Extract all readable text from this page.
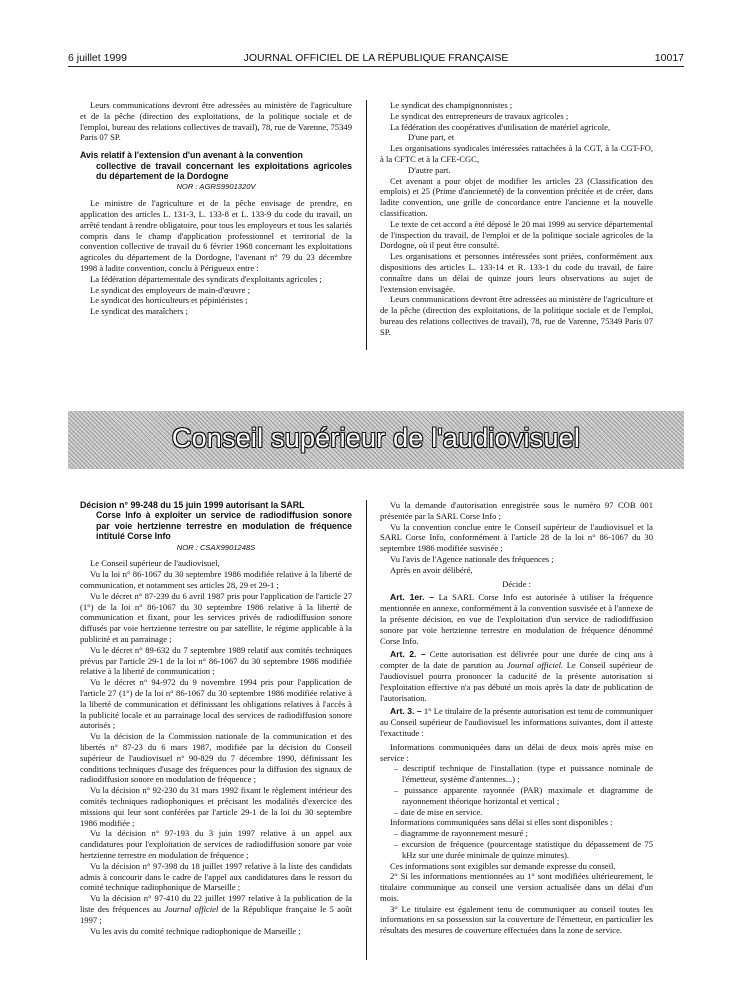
6 juillet 1999	JOURNAL OFFICIEL DE LA RÉPUBLIQUE FRANÇAISE	10017

Leurs communications devront être adressées au ministère de l'agriculture et de la pêche (direction des exploitations, de la politique sociale et de l'emploi, bureau des relations collectives de travail), 78, rue de Varenne, 75349 Paris 07 SP.

Avis relatif à l'extension d'un avenant à la convention
collective de travail concernant les exploitations agricoles du département de la Dordogne
NOR : AGRS9901320V

Le ministre de l'agriculture et de la pêche envisage de prendre, en application des articles L. 131-3, L. 133-8 et L. 133-9 du code du travail, un arrêté tendant à rendre obligatoire, pour tous les employeurs et tous les salariés compris dans le champ d'application professionnel et territorial de la convention collective de travail du 6 février 1968 concernant les exploitations agricoles du département de la Dordogne, l'avenant n° 79 du 23 décembre 1998 à ladite convention, conclu à Périgueux entre :

La fédération départementale des syndicats d'exploitants agricoles ;

Le syndicat des employeurs de main-d'œuvre ;

Le syndicat des horticulteurs et pépiniéristes ;

Le syndicat des maraîchers ;

Le syndicat des champignonnistes ;

Le syndicat des entrepreneurs de travaux agricoles ;

La fédération des coopératives d'utilisation de matériel agricole,

D'une part, et

Les organisations syndicales intéressées rattachées à la CGT, à la CGT-FO, à la CFTC et à la CFE-CGC,

D'autre part.

Cet avenant a pour objet de modifier les articles 23 (Classification des emplois) et 25 (Prime d'ancienneté) de la convention précitée et de créer, dans ladite convention, une grille de concordance entre l'ancienne et la nouvelle classification.

Le texte de cet accord a été déposé le 20 mai 1999 au service départemental de l'inspection du travail, de l'emploi et de la politique sociale agricoles de la Dordogne, où il peut être consulté.

Les organisations et personnes intéressées sont priées, conformément aux dispositions des articles L. 133-14 et R. 133-1 du code du travail, de faire connaître dans un délai de quinze jours leurs observations au sujet de l'extension envisagée.

Leurs communications devront être adressées au ministère de l'agriculture et de la pêche (direction des exploitations, de la politique sociale et de l'emploi, bureau des relations collectives de travail), 78, rue de Varenne, 75349 Paris 07 SP.

Conseil supérieur de l'audiovisuel
Décision n° 99-248 du 15 juin 1999 autorisant la SARL
Corse Info à exploiter un service de radiodiffusion sonore par voie hertzienne terrestre en modulation de fréquence intitulé Corse Info
NOR : CSAX9901248S

Le Conseil supérieur de l'audiovisuel,

Vu la loi n° 86-1067 du 30 septembre 1986 modifiée relative à la liberté de communication, et notamment ses articles 28, 29 et 29-1 ;

Vu le décret n° 87-239 du 6 avril 1987 pris pour l'application de l'article 27 (1°) de la loi n° 86-1067 du 30 septembre 1986 relative à la liberté de communication et fixant, pour les services privés de radiodiffusion sonore diffusés par voie hertzienne terrestre ou par satellite, le régime applicable à la publicité et au parrainage ;

Vu le décret n° 89-632 du 7 septembre 1989 relatif aux comités techniques prévus par l'article 29-1 de la loi n° 86-1067 du 30 septembre 1986 modifiée relative à la liberté de communication ;

Vu le décret n° 94-972 du 9 novembre 1994 pris pour l'application de l'article 27 (1°) de la loi n° 86-1067 du 30 septembre 1986 modifiée relative à la liberté de communication et définissant les obligations relatives à l'accès à la publicité locale et au parrainage local des services de radiodiffusion sonore autorisés ;

Vu la décision de la Commission nationale de la communication et des libertés n° 87-23 du 6 mars 1987, modifiée par la décision du Conseil supérieur de l'audiovisuel n° 90-829 du 7 décembre 1990, définissant les conditions techniques d'usage des fréquences pour la diffusion des signaux de radiodiffusion sonore en modulation de fréquence ;

Vu la décision n° 92-230 du 31 mars 1992 fixant le règlement intérieur des comités techniques radiophoniques et précisant les modalités d'exercice des missions qui leur sont conférées par l'article 29-1 de la loi du 30 septembre 1986 modifiée ;

Vu la décision n° 97-193 du 3 juin 1997 relative à un appel aux candidatures pour l'exploitation de services de radiodiffusion sonore par voie hertzienne terrestre en modulation de fréquence ;

Vu la décision n° 97-398 du 18 juillet 1997 relative à la liste des candidats admis à concourir dans le cadre de l'appel aux candidatures dans le ressort du comité technique radiophonique de Marseille ;

Vu la décision n° 97-410 du 22 juillet 1997 relative à la publication de la liste des fréquences au Journal officiel de la République française le 5 août 1997 ;

Vu les avis du comité technique radiophonique de Marseille ;

Vu la demande d'autorisation enregistrée sous le numéro 97 COB 001 présentée par la SARL Corse Info ;

Vu la convention conclue entre le Conseil supérieur de l'audiovisuel et la SARL Corse Info, conformément à l'article 28 de la loi n° 86-1067 du 30 septembre 1986 modifiée susvisée ;

Vu l'avis de l'Agence nationale des fréquences ;

Après en avoir délibéré,

Décide :

Art. 1er. – La SARL Corse Info est autorisée à utiliser la fréquence mentionnée en annexe, conformément à la convention susvisée et à l'annexe de la présente décision, en vue de l'exploitation d'un service de radiodiffusion sonore par voie hertzienne terrestre en modulation de fréquence dénommé Corse Info.

Art. 2. – Cette autorisation est délivrée pour une durée de cinq ans à compter de la date de parution au Journal officiel. Le Conseil supérieur de l'audiovisuel pourra prononcer la caducité de la présente autorisation si l'exploitation effective n'a pas débuté un mois après la date de publication de l'autorisation.

Art. 3. – 1° Le titulaire de la présente autorisation est tenu de communiquer au Conseil supérieur de l'audiovisuel les informations suivantes, dont il atteste l'exactitude :

Informations communiquées dans un délai de deux mois après mise en service :

– descriptif technique de l'installation (type et puissance nominale de l'émetteur, système d'antennes...) ;

– puissance apparente rayonnée (PAR) maximale et diagramme de rayonnement théorique horizontal et vertical ;

– date de mise en service.

Informations communiquées sans délai si elles sont disponibles :

– diagramme de rayonnement mesuré ;

– excursion de fréquence (pourcentage statistique du dépassement de 75 kHz sur une durée minimale de quinze minutes).

Ces informations sont exigibles sur demande expresse du conseil.

2° Si les informations mentionnées au 1° sont modifiées ultérieurement, le titulaire communique au conseil une version actualisée dans un délai d'un mois.

3° Le titulaire est également tenu de communiquer au conseil toutes les informations en sa possession sur la couverture de l'émetteur, en particulier les résultats des mesures de couverture effectuées dans la zone de service.
